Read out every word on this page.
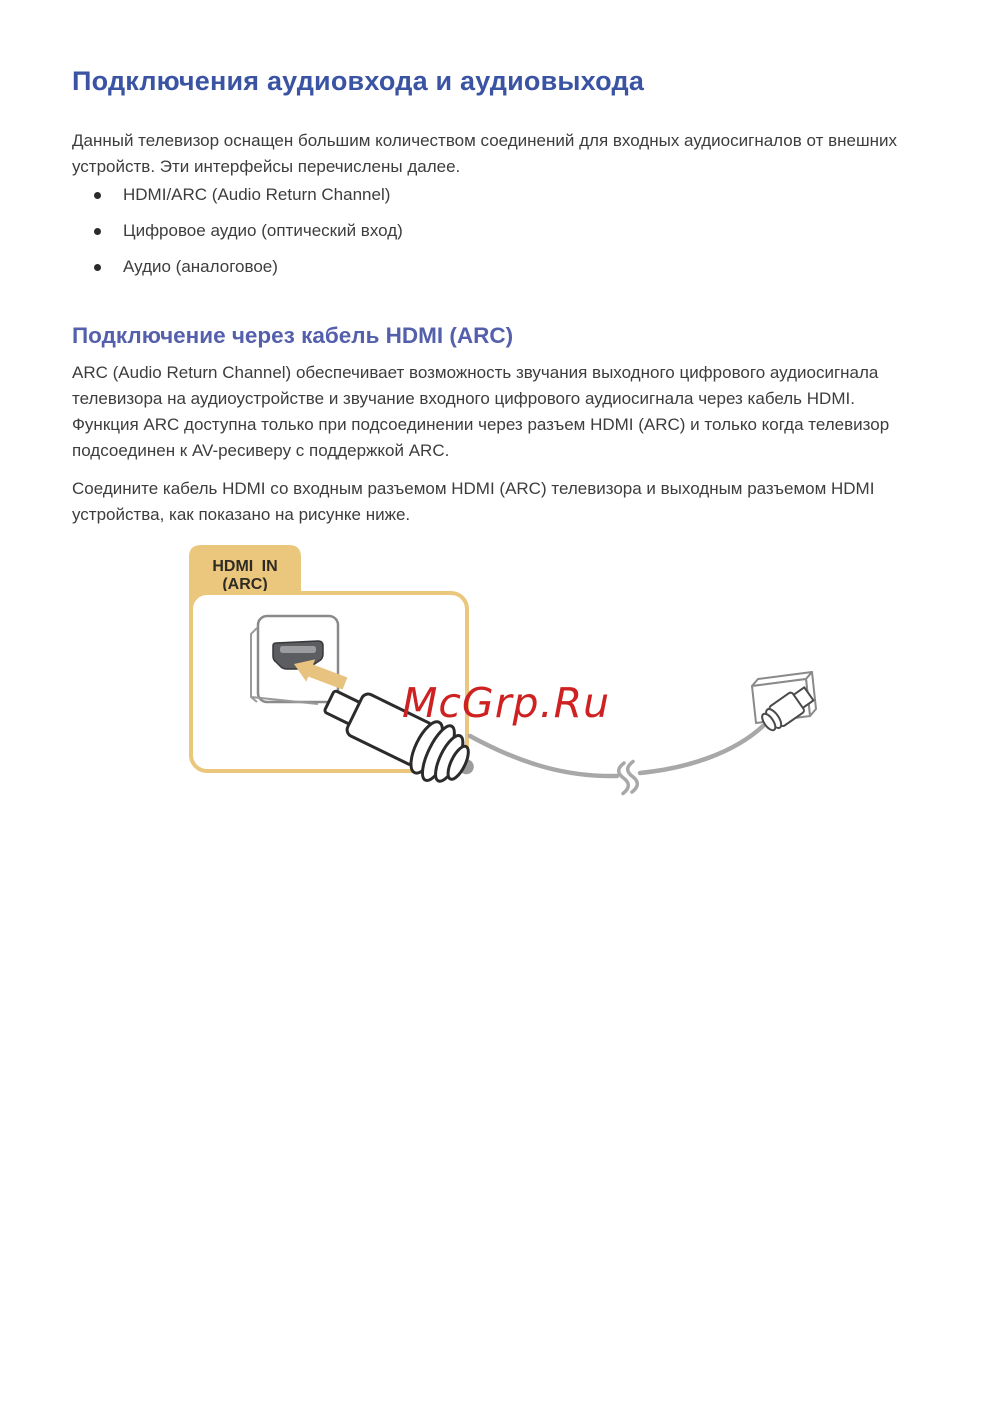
Подключения аудиовхода и аудиовыхода

Данный телевизор оснащен большим количеством соединений для входных аудиосигналов от внешних устройств. Эти интерфейсы перечислены далее.

HDMI/ARC (Audio Return Channel)
Цифровое аудио (оптический вход)
Аудио (аналоговое)
Подключение через кабель HDMI (ARC)

ARC (Audio Return Channel) обеспечивает возможность звучания выходного цифрового аудиосигнала телевизора на аудиоустройстве и звучание входного цифрового аудиосигнала через кабель HDMI. Функция ARC доступна только при подсоединении через разъем HDMI (ARC) и только когда телевизор подсоединен к AV-ресиверу с поддержкой ARC.

Соедините кабель HDMI со входным разъемом HDMI (ARC) телевизора и выходным разъемом HDMI устройства, как показано на рисунке ниже.

HDMI IN
(ARC)
McGrp.Ru
